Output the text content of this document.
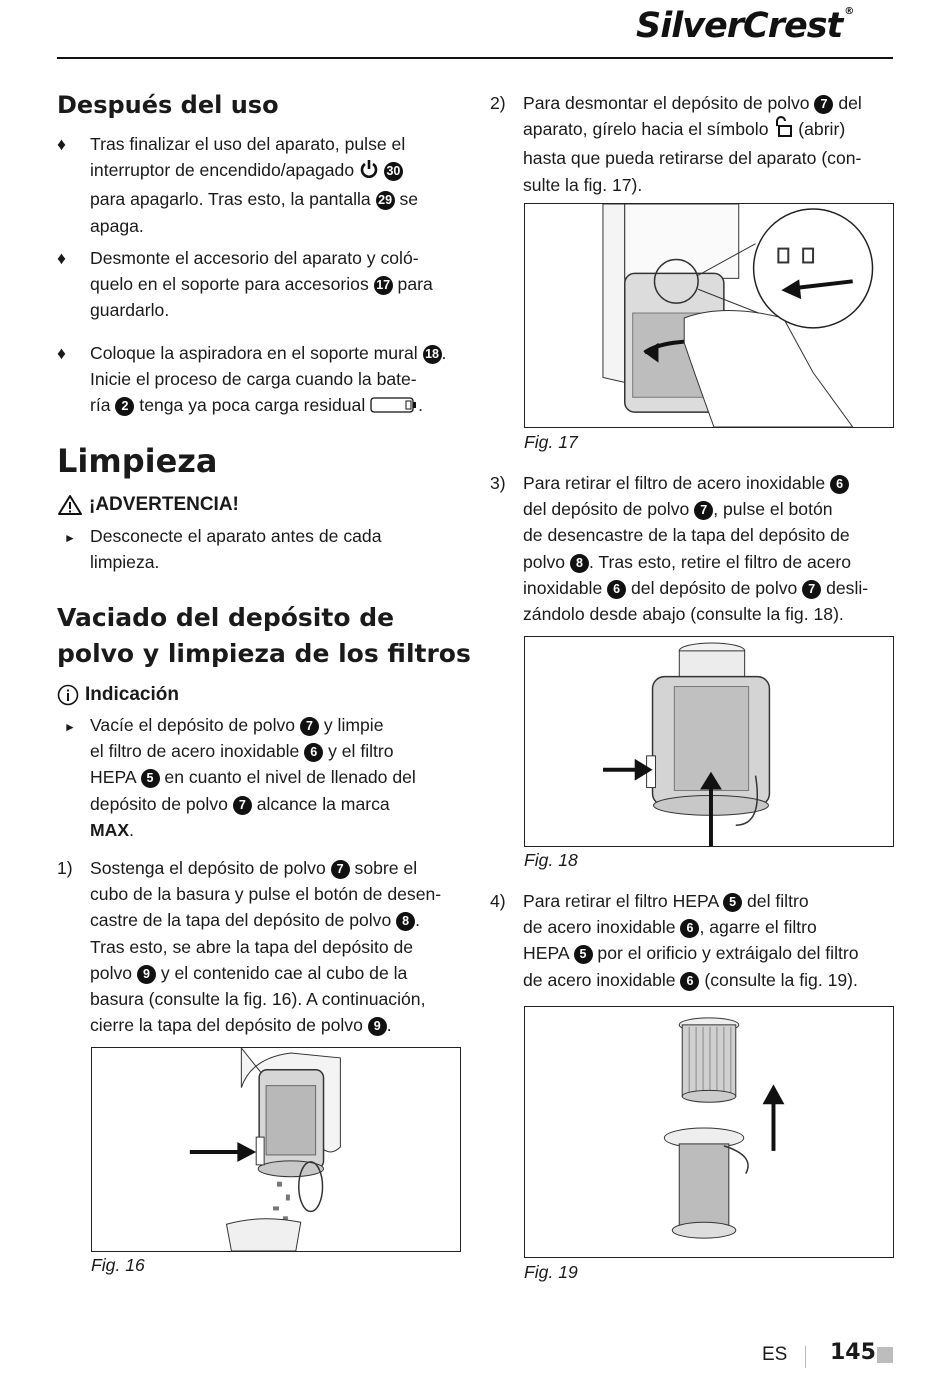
SilverCrest ®
Después del uso
♦ Tras finalizar el uso del aparato, pulse el
interruptor de encendido/apagado  30
para apagarlo. Tras esto, la pantalla 29 se
apaga.
♦ Desmonte el accesorio del aparato y coló-
quelo en el soporte para accesorios 17 para
guardarlo.
♦ Coloque la aspiradora en el soporte mural 18 .
Inicie el proceso de carga cuando la bate-
ría 2 tenga ya poca carga residual	.
Limpieza
¡ADVERTENCIA!
► Desconecte el aparato antes de cada
limpieza.
Vaciado del depósito de
polvo y limpieza de los filtros
Indicación
► Vacíe el depósito de polvo 7 y limpie
el filtro de acero inoxidable 6 y el filtro
HEPA 5 en cuanto el nivel de llenado del
depósito de polvo 7 alcance la marca
MAX.
1) Sostenga el depósito de polvo 7 sobre el
cubo de la basura y pulse el botón de desen-
castre de la tapa del depósito de polvo 8 .
Tras esto, se abre la tapa del depósito de
polvo 9 y el contenido cae al cubo de la
basura (consulte la fig. 16). A continuación,
cierre la tapa del depósito de polvo 9 .
Fig. 16
2) Para desmontar el depósito de polvo 7 del
aparato, gírelo hacia el símbolo  (abrir)
hasta que pueda retirarse del aparato (con-
sulte la fig. 17).
Fig. 17
3) Para retirar el filtro de acero inoxidable 6
del depósito de polvo 7 , pulse el botón
de desencastre de la tapa del depósito de
polvo 8 . Tras esto, retire el filtro de acero
inoxidable 6 del depósito de polvo 7 desli-
zándolo desde abajo (consulte la fig. 18).
Fig. 18
4) Para retirar el filtro HEPA 5 del filtro
de acero inoxidable 6 , agarre el filtro
HEPA 5 por el orificio y extráigalo del filtro
de acero inoxidable 6 (consulte la fig. 19).
Fig. 19
ES 145
